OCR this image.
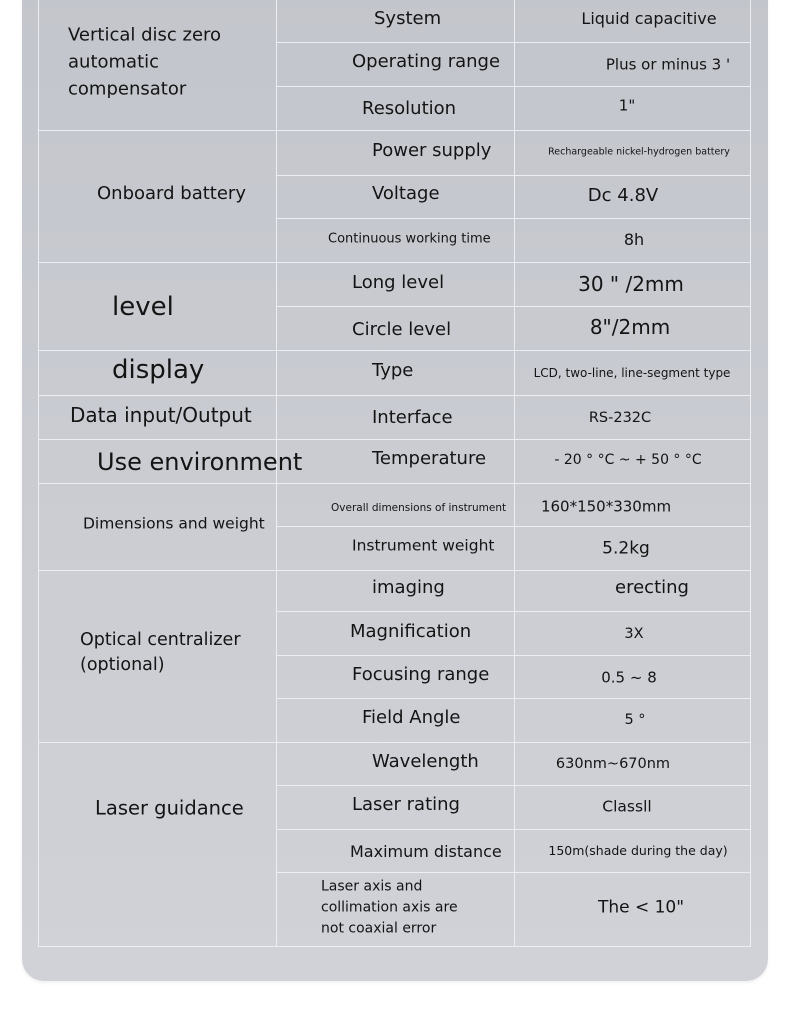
Vertical disc zero
automatic
compensator
Onboard battery
level
display
Data input/Output
Use environment
Dimensions and weight
Optical centralizer
(optional)
Laser guidance
System
Operating range
Resolution
Power supply
Voltage
Continuous working time
Long level
Circle level
Type
Interface
Temperature
Overall dimensions of instrument
Instrument weight
imaging
Magnification
Focusing range
Field Angle
Wavelength
Laser rating
Maximum distance
Laser axis and
collimation axis are
not coaxial error
Liquid capacitive
Plus or minus 3 '
1"
Rechargeable nickel-hydrogen battery
Dc 4.8V
8h
30 " /2mm
8"/2mm
LCD, two-line, line-segment type
RS-232C
- 20 ° °C ~ + 50 ° °C
160*150*330mm
5.2kg
erecting
3X
0.5 ~ 8
5 °
630nm~670nm
Classll
150m(shade during the day)
The < 10"
